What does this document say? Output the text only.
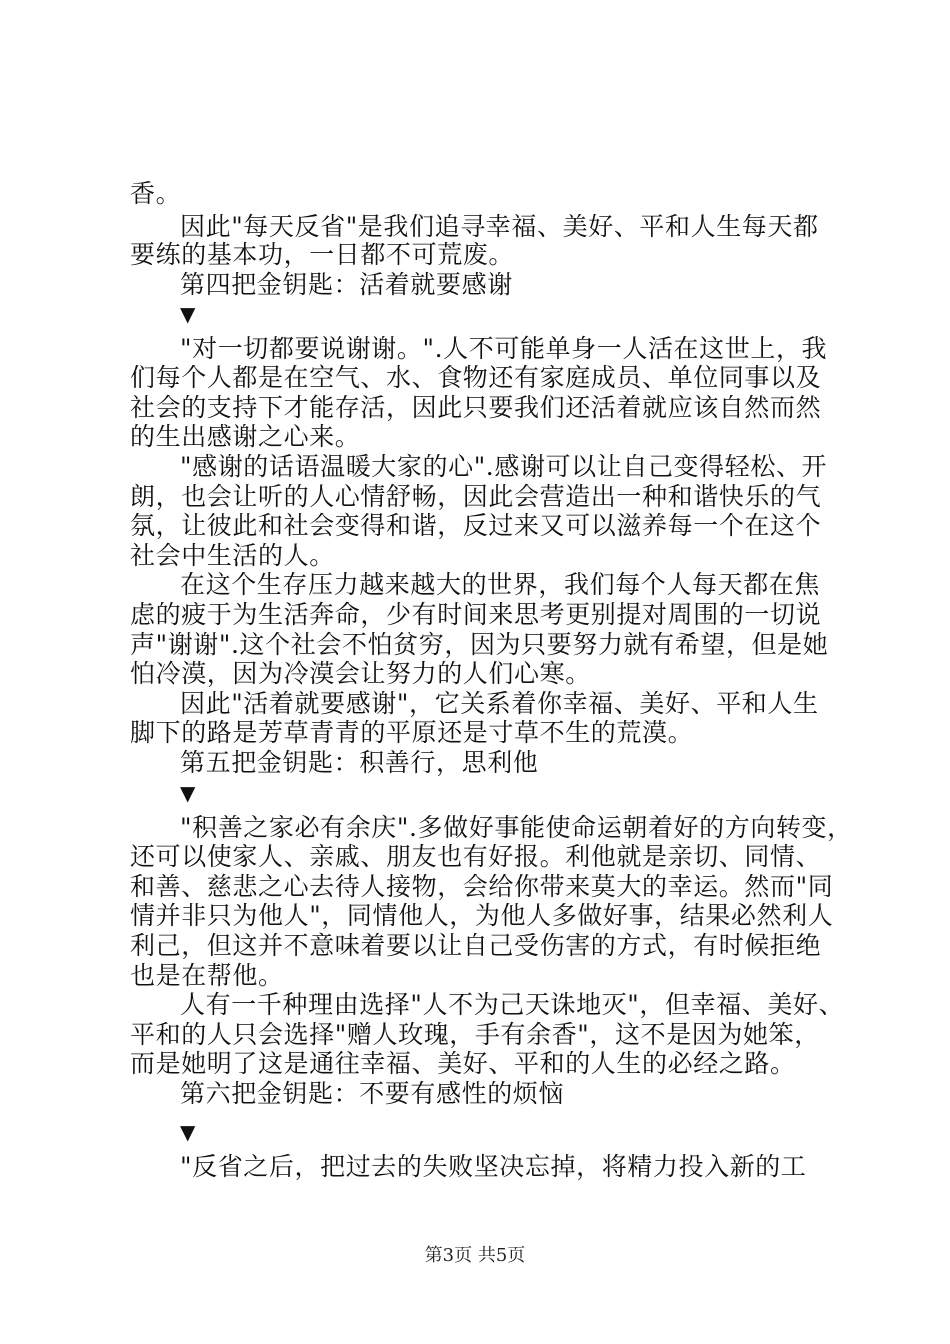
香。
因此"每天反省"是我们追寻幸福、美好、平和人生每天都
要练的基本功，一日都不可荒废。
第四把金钥匙：活着就要感谢
▼
"对一切都要说谢谢。".人不可能单身一人活在这世上，我
们每个人都是在空气、水、食物还有家庭成员、单位同事以及
社会的支持下才能存活，因此只要我们还活着就应该自然而然
的生出感谢之心来。
"感谢的话语温暖大家的心".感谢可以让自己变得轻松、开
朗，也会让听的人心情舒畅，因此会营造出一种和谐快乐的气
氛，让彼此和社会变得和谐，反过来又可以滋养每一个在这个
社会中生活的人。
在这个生存压力越来越大的世界，我们每个人每天都在焦
虑的疲于为生活奔命，少有时间来思考更别提对周围的一切说
声"谢谢".这个社会不怕贫穷，因为只要努力就有希望，但是她
怕冷漠，因为冷漠会让努力的人们心寒。
因此"活着就要感谢"，它关系着你幸福、美好、平和人生
脚下的路是芳草青青的平原还是寸草不生的荒漠。
第五把金钥匙：积善行，思利他
▼
"积善之家必有余庆".多做好事能使命运朝着好的方向转变，
还可以使家人、亲戚、朋友也有好报。利他就是亲切、同情、
和善、慈悲之心去待人接物，会给你带来莫大的幸运。然而"同
情并非只为他人"，同情他人，为他人多做好事，结果必然利人
利己，但这并不意味着要以让自己受伤害的方式，有时候拒绝
也是在帮他。
人有一千种理由选择"人不为己天诛地灭"，但幸福、美好、
平和的人只会选择"赠人玫瑰，手有余香"，这不是因为她笨，
而是她明了这是通往幸福、美好、平和的人生的必经之路。
第六把金钥匙：不要有感性的烦恼
▼
"反省之后，把过去的失败坚决忘掉，将精力投入新的工
第3页 共5页
